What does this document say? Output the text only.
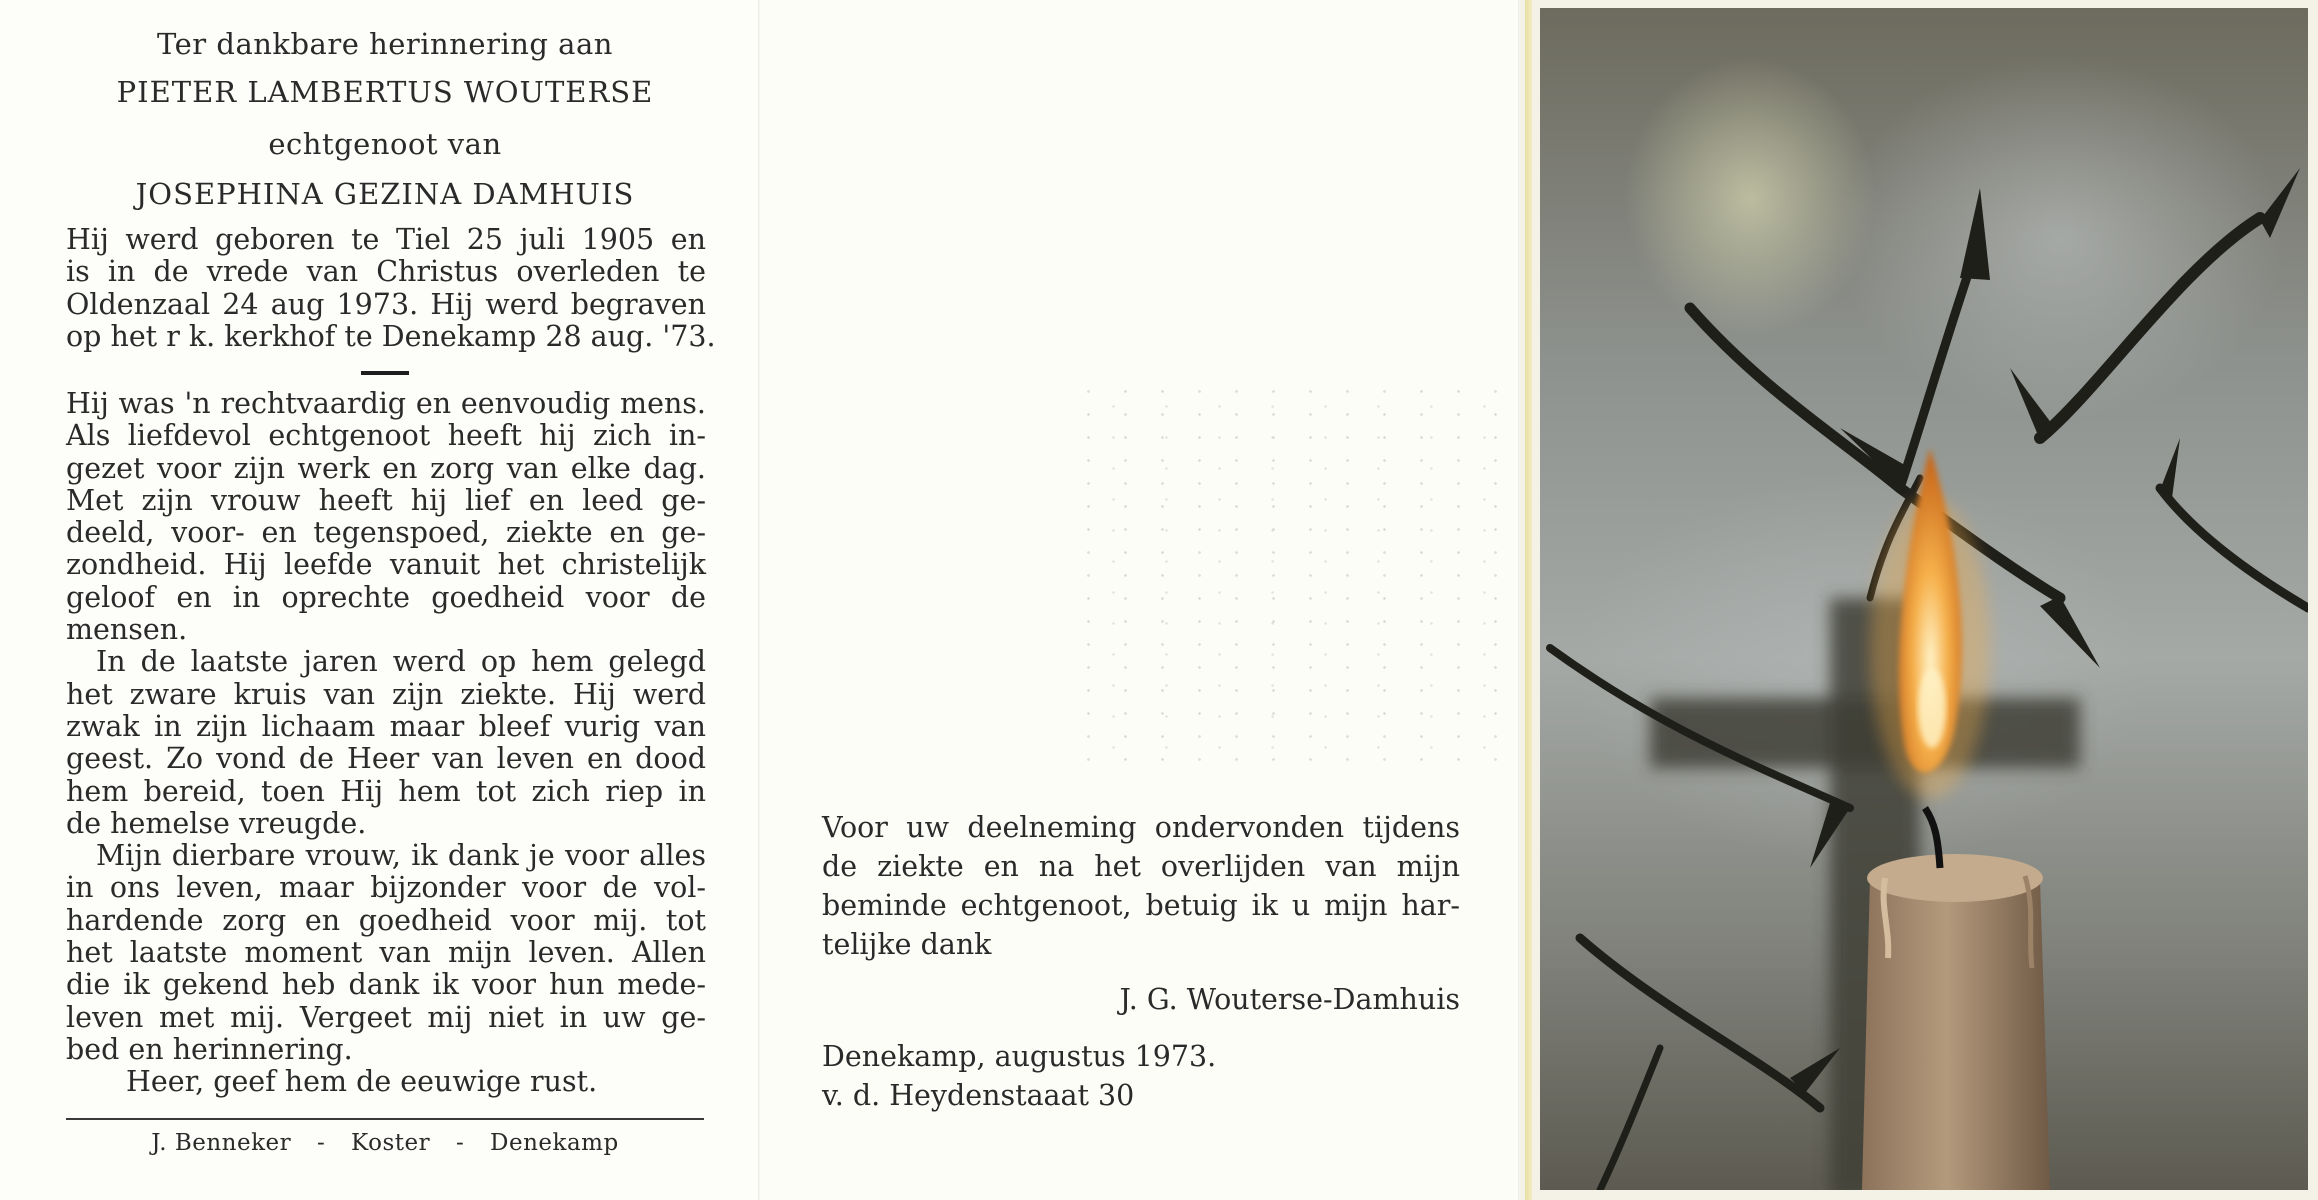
Ter dankbare herinnering aan
PIETER LAMBERTUS WOUTERSE
echtgenoot van
JOSEPHINA GEZINA DAMHUIS
Hij werd geboren te Tiel 25 juli 1905 en
is in de vrede van Christus overleden te
Oldenzaal 24 aug 1973. Hij werd begraven
op het r k. kerkhof te Denekamp 28 aug. '73.
Hij was 'n rechtvaardig en eenvoudig mens.
Als liefdevol echtgenoot heeft hij zich in-
gezet voor zijn werk en zorg van elke dag.
Met zijn vrouw heeft hij lief en leed ge-
deeld, voor- en tegenspoed, ziekte en ge-
zondheid. Hij leefde vanuit het christelijk
geloof en in oprechte goedheid voor de
mensen.
In de laatste jaren werd op hem gelegd
het zware kruis van zijn ziekte. Hij werd
zwak in zijn lichaam maar bleef vurig van
geest. Zo vond de Heer van leven en dood
hem bereid, toen Hij hem tot zich riep in
de hemelse vreugde.
Mijn dierbare vrouw, ik dank je voor alles
in ons leven, maar bijzonder voor de vol-
hardende zorg en goedheid voor mij. tot
het laatste moment van mijn leven. Allen
die ik gekend heb dank ik voor hun mede-
leven met mij. Vergeet mij niet in uw ge-
bed en herinnering.
Heer, geef hem de eeuwige rust.
J. Benneker - Koster - Denekamp
Voor uw deelneming ondervonden tijdens
de ziekte en na het overlijden van mijn
beminde echtgenoot, betuig ik u mijn har-
telijke dank
J. G. Wouterse-Damhuis
Denekamp, augustus 1973.
v. d. Heydenstaaat 30
